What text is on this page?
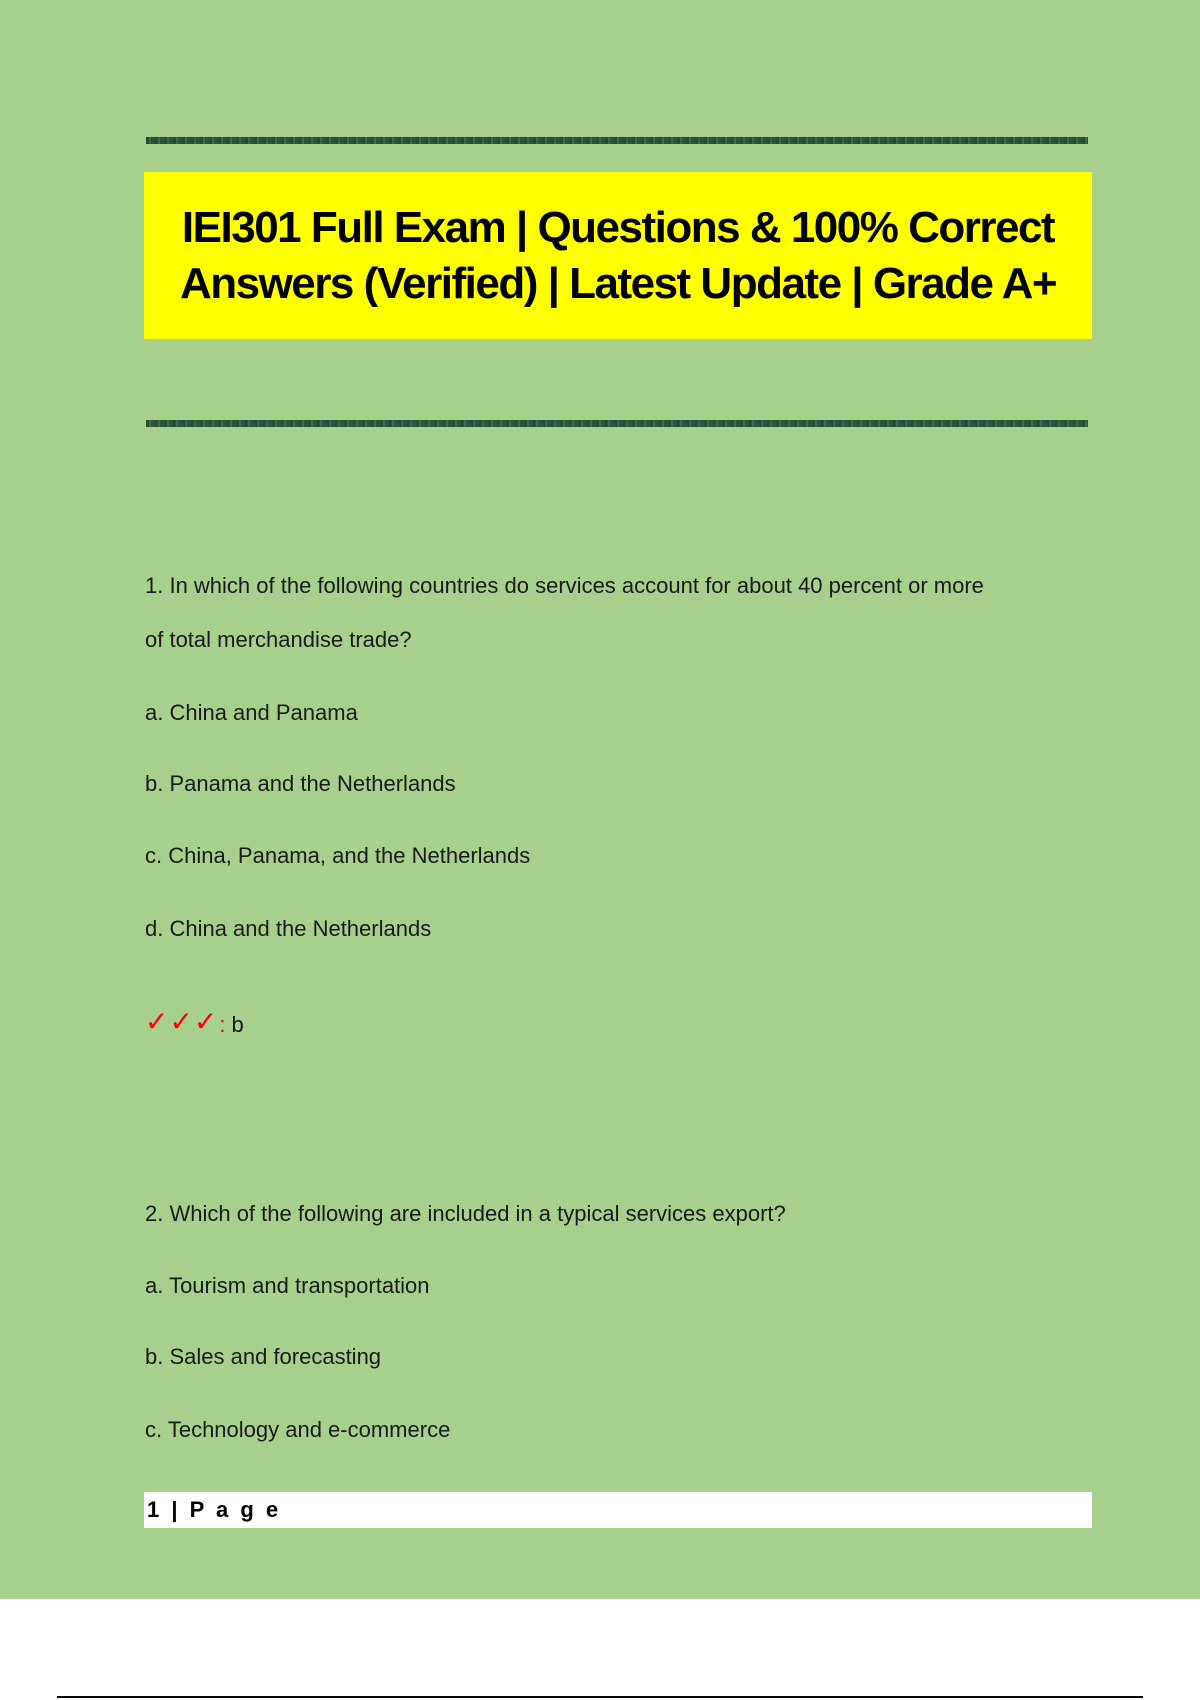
IEI301 Full Exam | Questions & 100% Correct Answers (Verified) | Latest Update | Grade A+
1. In which of the following countries do services account for about 40 percent or more
of total merchandise trade?
a. China and Panama
b. Panama and the Netherlands
c. China, Panama, and the Netherlands
d. China and the Netherlands
✓✓✓ : b
2. Which of the following are included in a typical services export?
a. Tourism and transportation
b. Sales and forecasting
c. Technology and e-commerce
1 | P a g e
